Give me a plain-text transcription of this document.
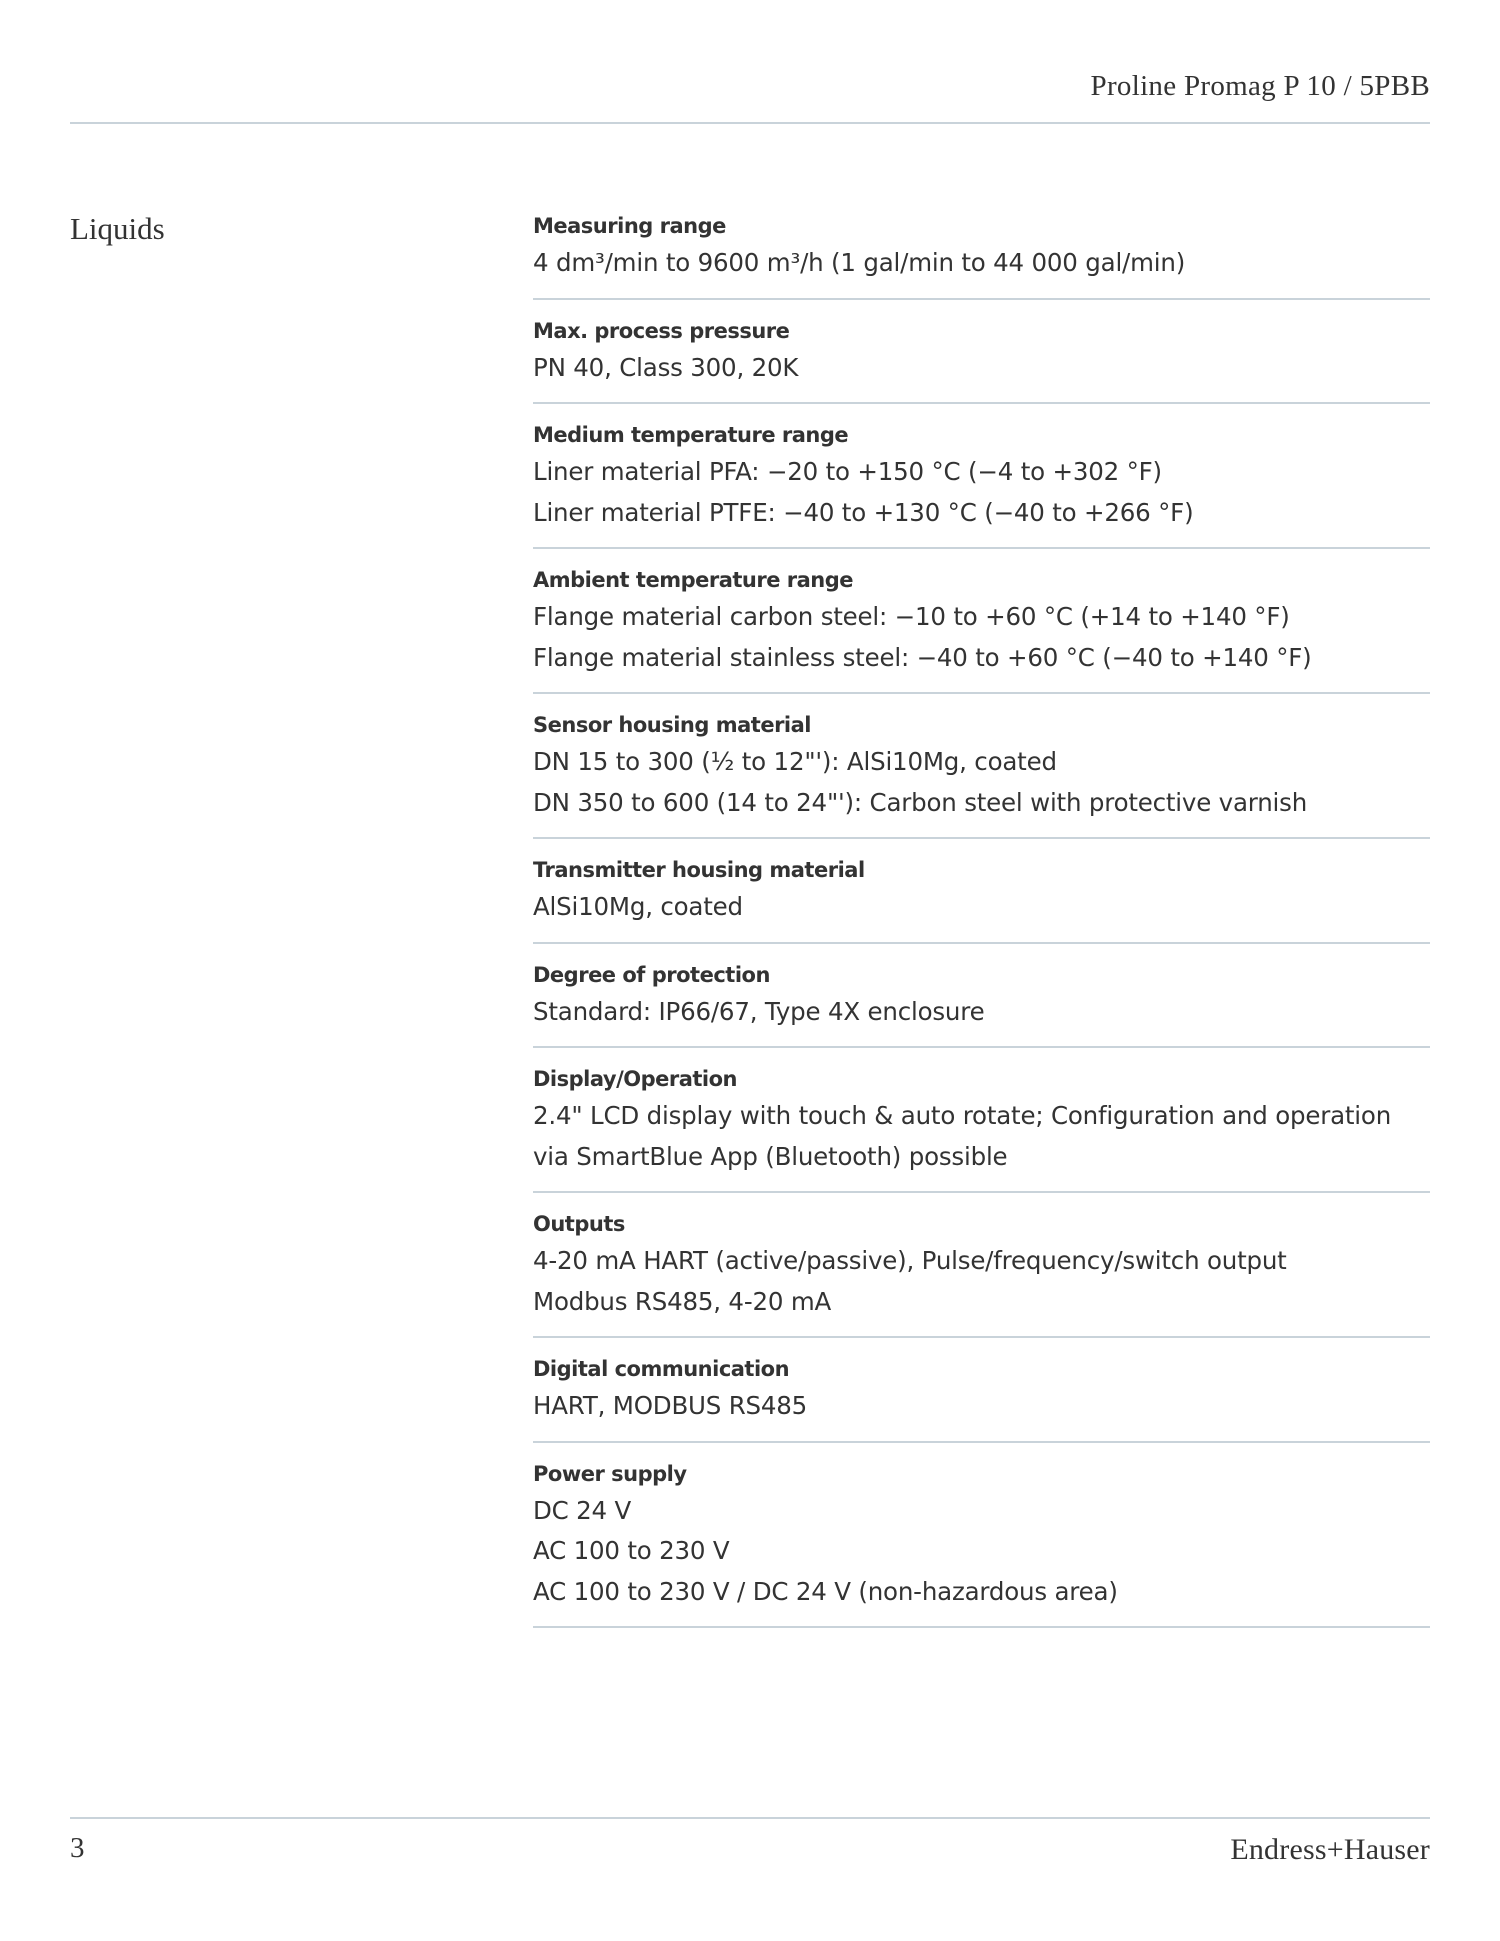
Proline Promag P 10 / 5PBB
Liquids	Measuring range
4 dm³/min to 9600 m³/h (1 gal/min to 44 000 gal/min)
Max. process pressure
PN 40, Class 300, 20K
Medium temperature range
Liner material PFA: −20 to +150 °C (−4 to +302 °F)
Liner material PTFE: −40 to +130 °C (−40 to +266 °F)
Ambient temperature range
Flange material carbon steel: −10 to +60 °C (+14 to +140 °F)
Flange material stainless steel: −40 to +60 °C (−40 to +140 °F)
Sensor housing material
DN 15 to 300 (½ to 12"'): AlSi10Mg, coated
DN 350 to 600 (14 to 24"'): Carbon steel with protective varnish
Transmitter housing material
AlSi10Mg, coated
Degree of protection
Standard: IP66/67, Type 4X enclosure
Display/Operation
2.4" LCD display with touch & auto rotate; Configuration and operation
via SmartBlue App (Bluetooth) possible
Outputs
4-20 mA HART (active/passive), Pulse/frequency/switch output
Modbus RS485, 4-20 mA
Digital communication
HART, MODBUS RS485
Power supply
DC 24 V
AC 100 to 230 V
AC 100 to 230 V / DC 24 V (non-hazardous area)
3	Endress+Hauser
